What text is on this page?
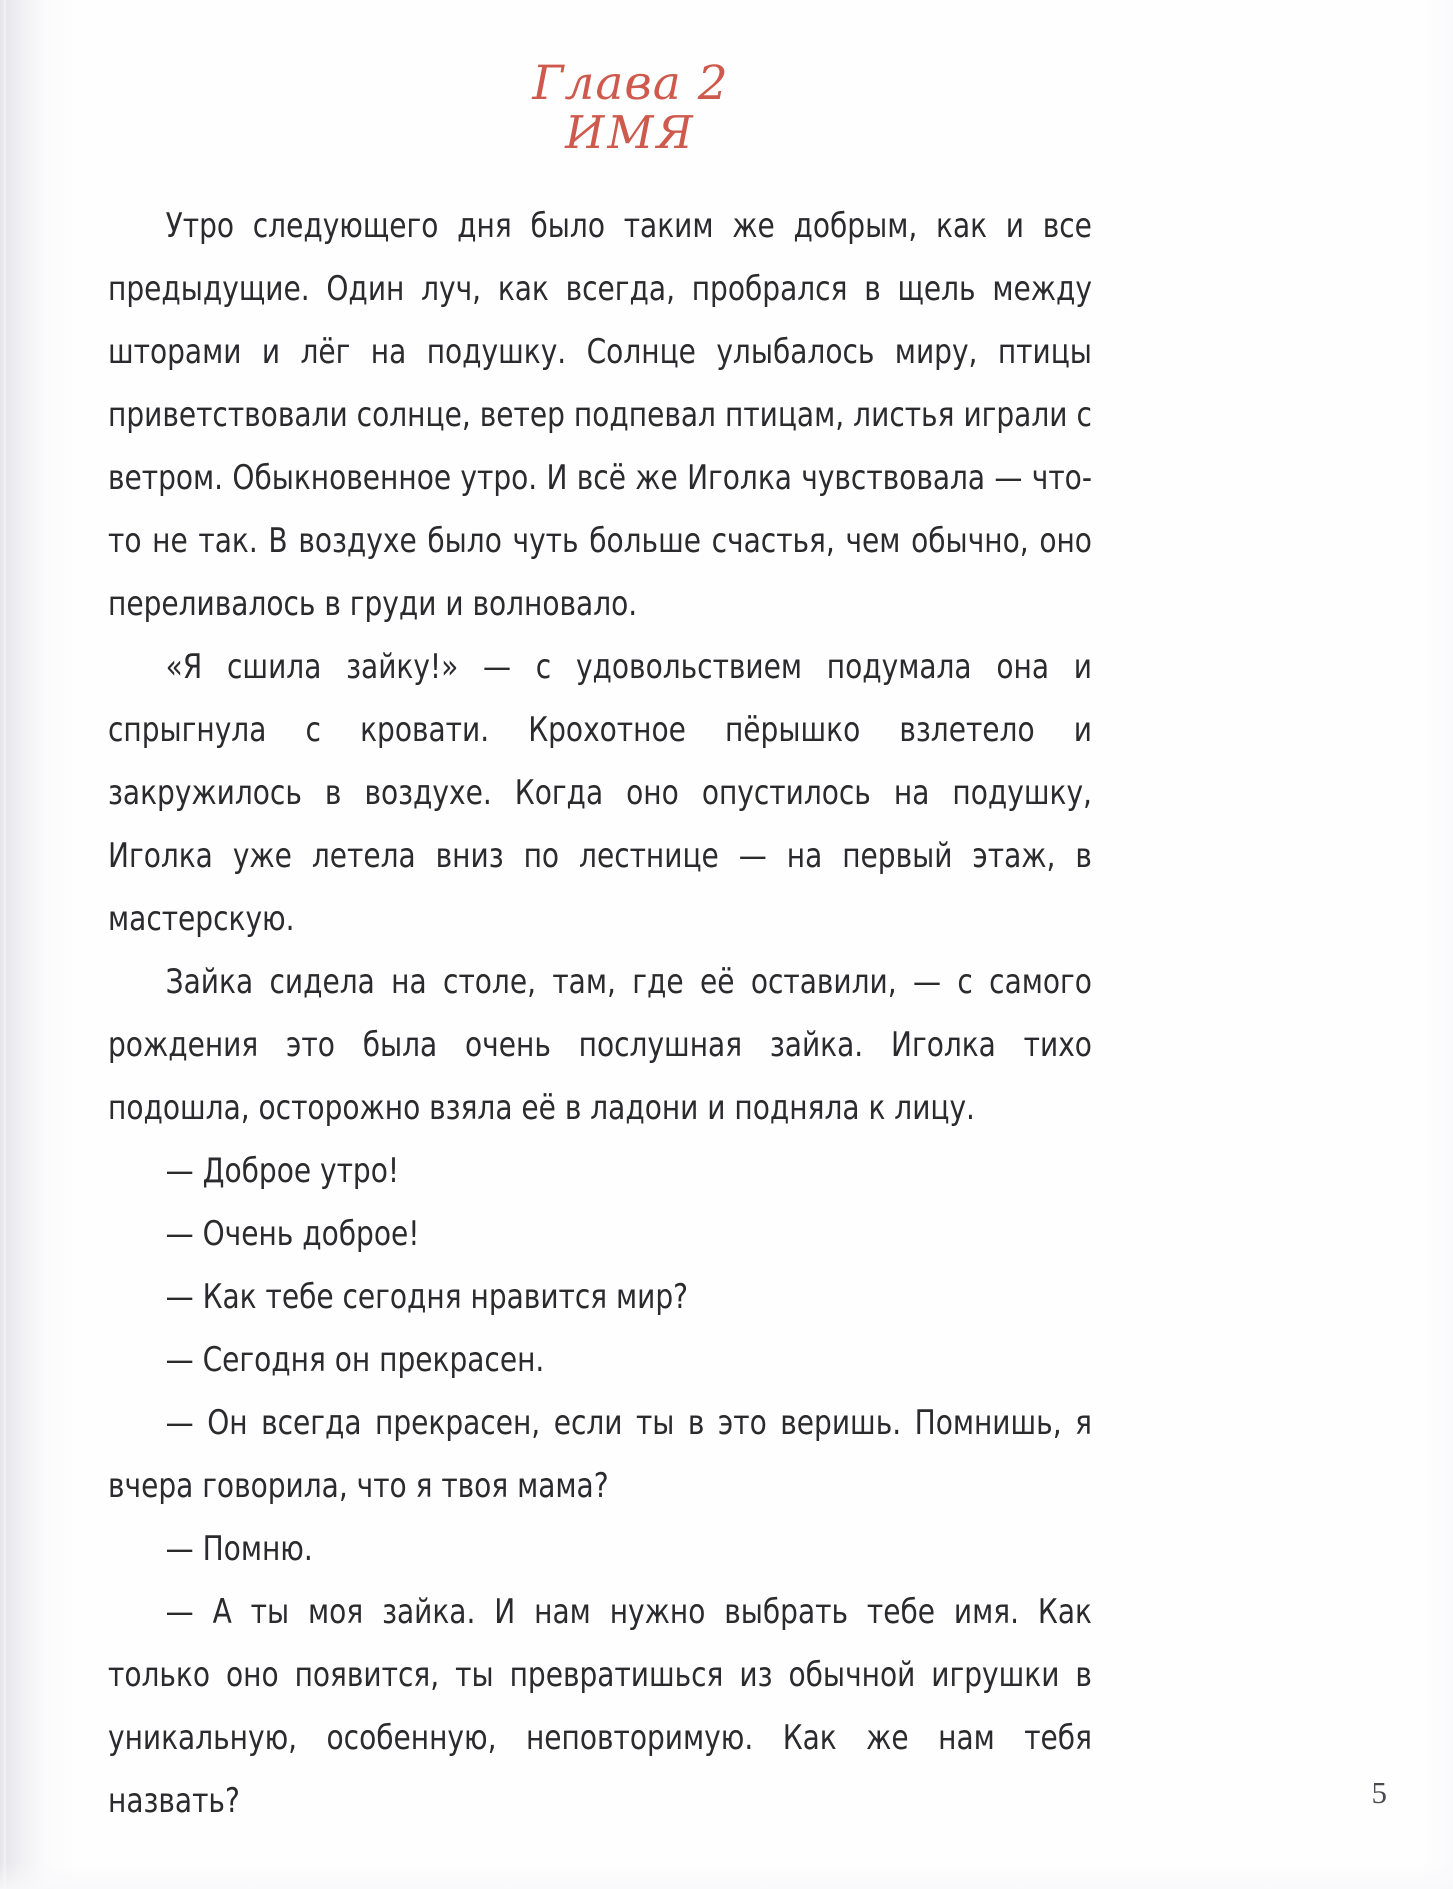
Глава 2
ИМЯ

Утро следующего дня было таким же добрым, как и все предыдущие. Один луч, как всегда, пробрался в щель между шторами и лёг на подушку. Солнце улыбалось миру, птицы приветствовали солнце, ветер подпевал птицам, листья играли с ветром. Обыкновенное утро. И всё же Иголка чувствовала — что-то не так. В воздухе было чуть больше счастья, чем обычно, оно переливалось в груди и волновало.

«Я сшила зайку!» — с удовольствием подумала она и спрыгнула с кровати. Крохотное пёрышко взлетело и закружилось в воздухе. Когда оно опустилось на подушку, Иголка уже летела вниз по лестнице — на первый этаж, в мастерскую.

Зайка сидела на столе, там, где её оставили, — с самого рождения это была очень послушная зайка. Иголка тихо подошла, осторожно взяла её в ладони и подняла к лицу.

— Доброе утро!

— Очень доброе!

— Как тебе сегодня нравится мир?

— Сегодня он прекрасен.

— Он всегда прекрасен, если ты в это веришь. Помнишь, я вчера говорила, что я твоя мама?

— Помню.

— А ты моя зайка. И нам нужно выбрать тебе имя. Как только оно появится, ты превратишься из обычной игрушки в уникальную, особенную, неповторимую. Как же нам тебя назвать?	5
